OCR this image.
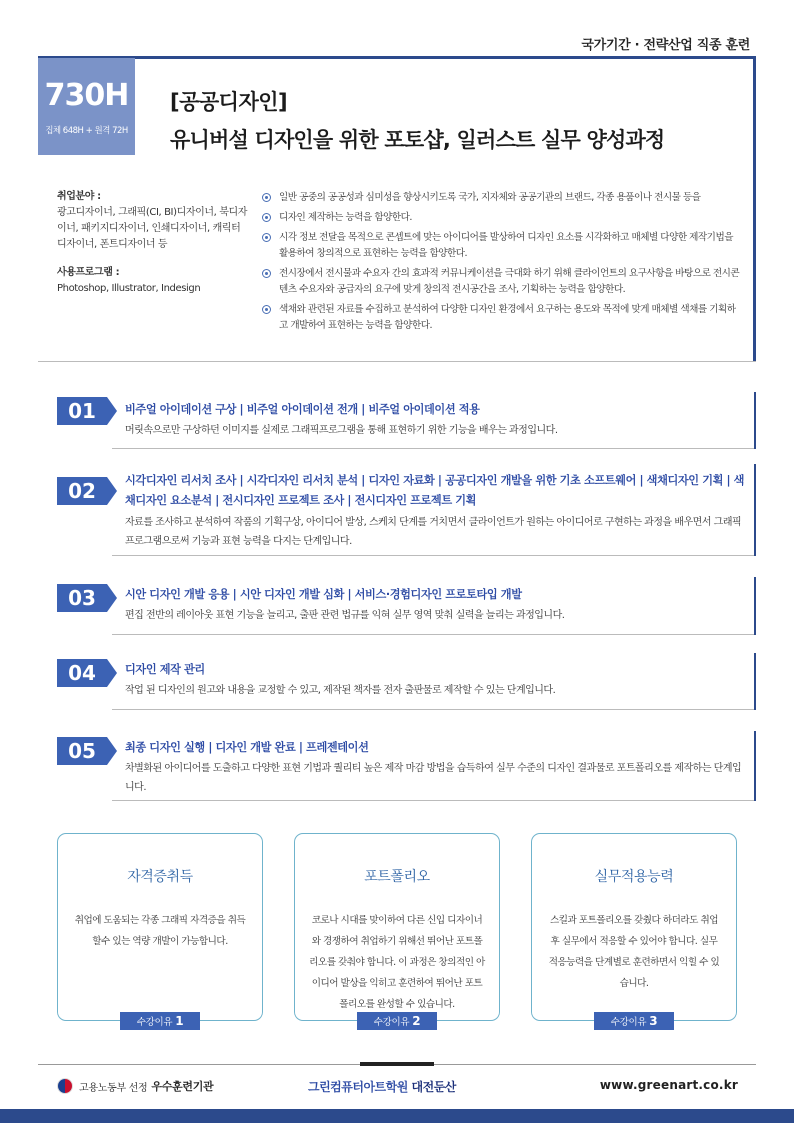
국가기간 · 전략산업 직종 훈련
730H
집체 648H + 원격 72H
[공공디자인]
유니버설 디자인을 위한 포토샵, 일러스트 실무 양성과정
취업분야 :
광고디자이너, 그래픽(CI, BI)디자이너, 북디자이너, 패키지디자이너, 인쇄디자이너, 캐릭터디자이너, 폰트디자이너 등
사용프로그램 :
Photoshop, Illustrator, Indesign
일반 공중의 공공성과 심미성을 향상시키도록 국가, 지자체와 공공기관의 브랜드, 각종 용품이나 전시물 등을
디자인 제작하는 능력을 함양한다.
시각 정보 전달을 목적으로 콘셉트에 맞는 아이디어를 발상하여 디자인 요소를 시각화하고 매체별 다양한 제작기법을 활용하여 창의적으로 표현하는 능력을 함양한다.
전시장에서 전시물과 수요자 간의 효과적 커뮤니케이션을 극대화 하기 위해 클라이언트의 요구사항을 바탕으로 전시콘텐츠 수요자와 공급자의 요구에 맞게 창의적 전시공간을 조사, 기획하는 능력을 함양한다.
색채와 관련된 자료를 수집하고 분석하여 다양한 디자인 환경에서 요구하는 용도와 목적에 맞게 매체별 색채를 기획하고 개발하여 표현하는 능력을 함양한다.
01	비주얼 아이데이션 구상 | 비주얼 아이데이션 전개 | 비주얼 아이데이션 적용
머릿속으로만 구상하던 이미지를 실제로 그래픽프로그램을 통해 표현하기 위한 기능을 배우는 과정입니다.
02	시각디자인 리서치 조사 | 시각디자인 리서치 분석 | 디자인 자료화 | 공공디자인 개발을 위한 기초 소프트웨어 | 색채디자인 기획 | 색채디자인 요소분석 | 전시디자인 프로젝트 조사 | 전시디자인 프로젝트 기획
자료를 조사하고 분석하여 작품의 기획구상, 아이디어 발상, 스케치 단계를 거치면서 클라이언트가 원하는 아이디어로 구현하는 과정을 배우면서 그래픽프로그램으로써 기능과 표현 능력을 다지는 단계입니다.
03	시안 디자인 개발 응용 | 시안 디자인 개발 심화 | 서비스·경험디자인 프로토타입 개발
편집 전반의 레이아웃 표현 기능을 늘리고, 출판 관련 법규를 익혀 실무 영역 맞춰 실력을 늘리는 과정입니다.
04	디자인 제작 관리
작업 된 디자인의 원고와 내용을 교정할 수 있고, 제작된 책자를 전자 출판물로 제작할 수 있는 단계입니다.
05	최종 디자인 실행 | 디자인 개발 완료 | 프레젠테이션
차별화된 아이디어를 도출하고 다양한 표현 기법과 퀄리티 높은 제작 마감 방법을 습득하여 실무 수준의 디자인 결과물로 포트폴리오를 제작하는 단계입니다.
자격증취득
취업에 도움되는 각종 그래픽 자격증을 취득할수 있는 역량 개발이 가능합니다.
수강이유 1
포트폴리오
코로나 시대를 맞이하여 다른 신입 디자이너와 경쟁하여 취업하기 위해선 뛰어난 포트폴리오를 갖춰야 합니다. 이 과정은 창의적인 아이디어 발상을 익히고 훈련하여 뛰어난 포트폴리오를 완성할 수 있습니다.
수강이유 2
실무적용능력
스킬과 포트폴리오를 갖췄다 하더라도 취업 후 실무에서 적응할 수 있어야 합니다. 실무 적응능력을 단계별로 훈련하면서 익힐 수 있습니다.
수강이유 3
고용노동부 선정 우수훈련기관	그린컴퓨터아트학원 대전둔산	www.greenart.co.kr
